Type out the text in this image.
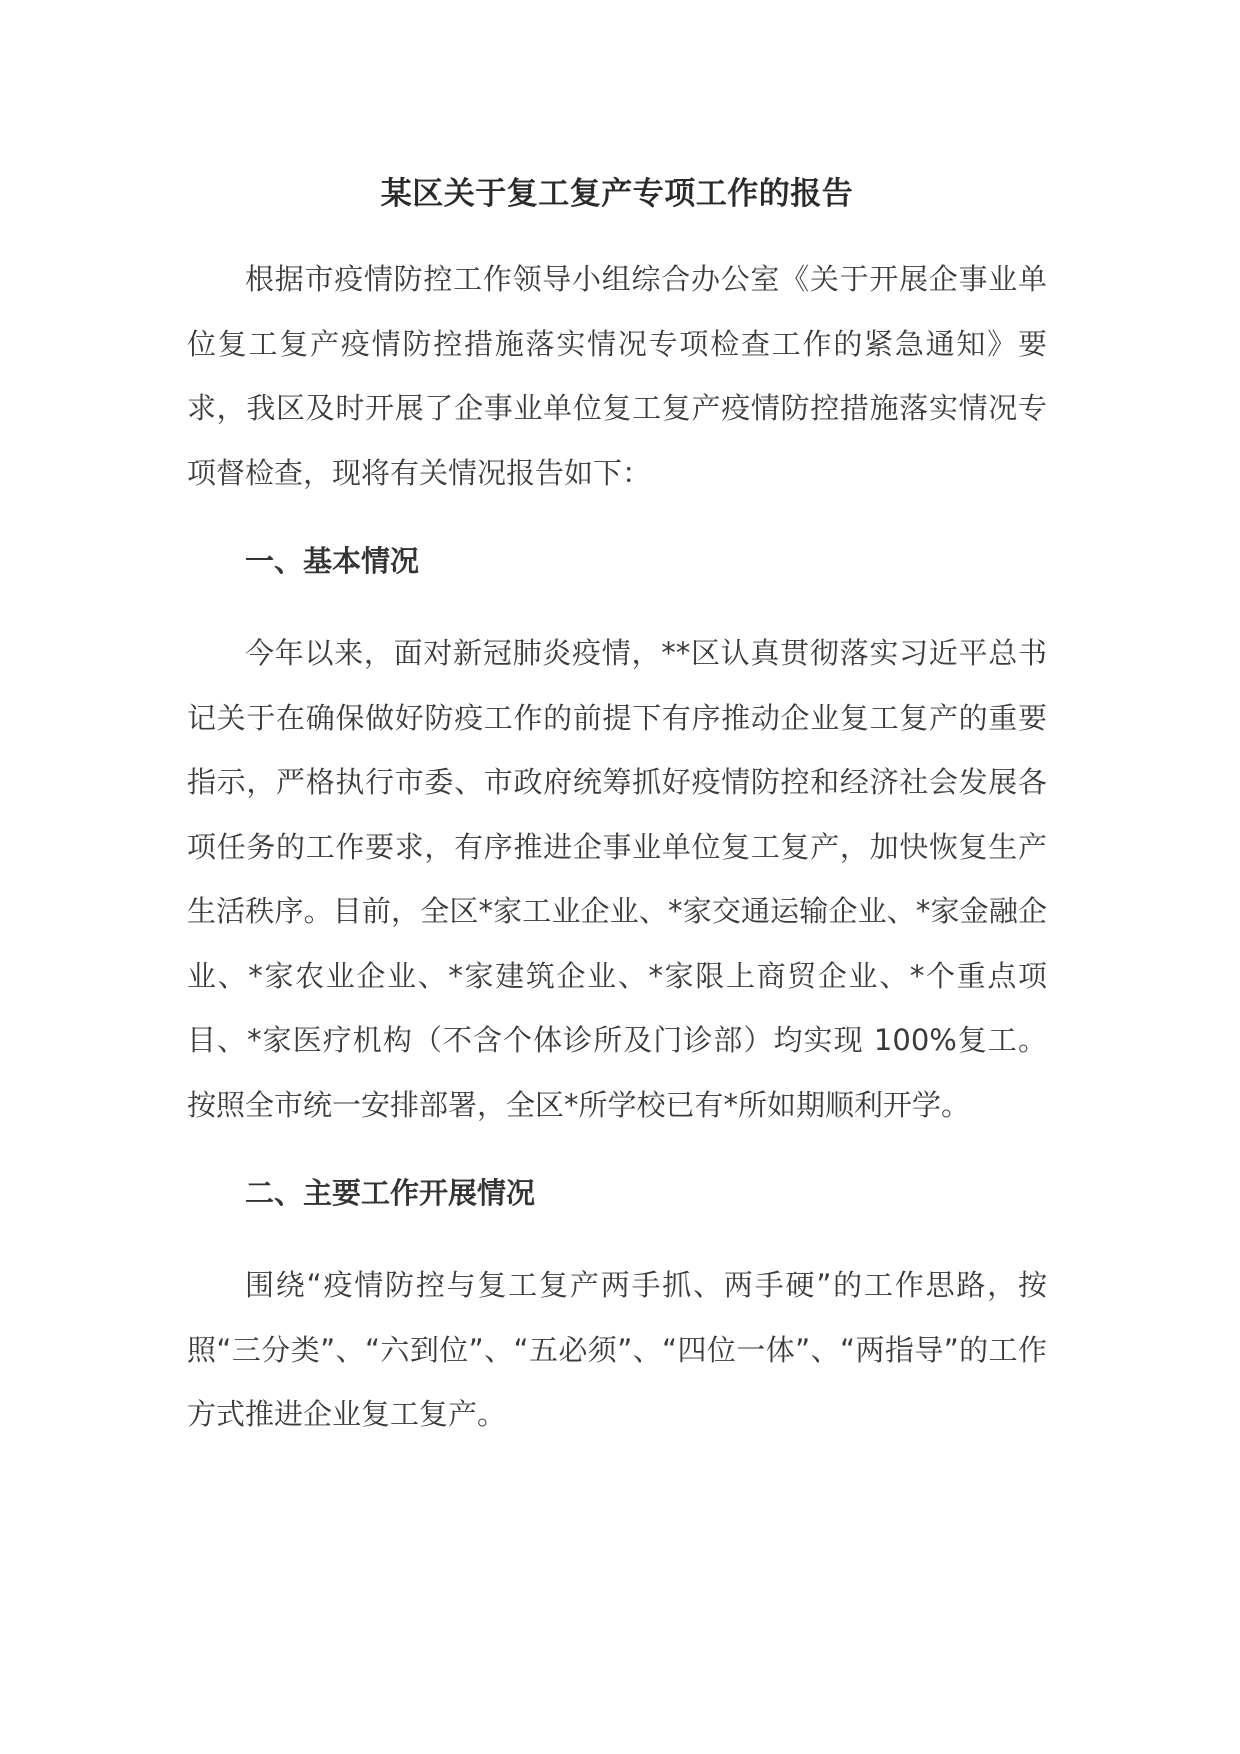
某区关于复工复产专项工作的报告

根据市疫情防控工作领导小组综合办公室《关于开展企事业单位复工复产疫情防控措施落实情况专项检查工作的紧急通知》要求，我区及时开展了企事业单位复工复产疫情防控措施落实情况专项督检查，现将有关情况报告如下：

一、基本情况

今年以来，面对新冠肺炎疫情，**区认真贯彻落实习近平总书记关于在确保做好防疫工作的前提下有序推动企业复工复产的重要指示，严格执行市委、市政府统筹抓好疫情防控和经济社会发展各项任务的工作要求，有序推进企事业单位复工复产，加快恢复生产生活秩序。目前，全区*家工业企业、*家交通运输企业、*家金融企业、*家农业企业、*家建筑企业、*家限上商贸企业、*个重点项目、*家医疗机构（不含个体诊所及门诊部）均实现 100%复工。按照全市统一安排部署，全区*所学校已有*所如期顺利开学。

二、主要工作开展情况

围绕“疫情防控与复工复产两手抓、两手硬”的工作思路，按照“三分类”、“六到位”、“五必须”、“四位一体”、“两指导”的工作方式推进企业复工复产。
